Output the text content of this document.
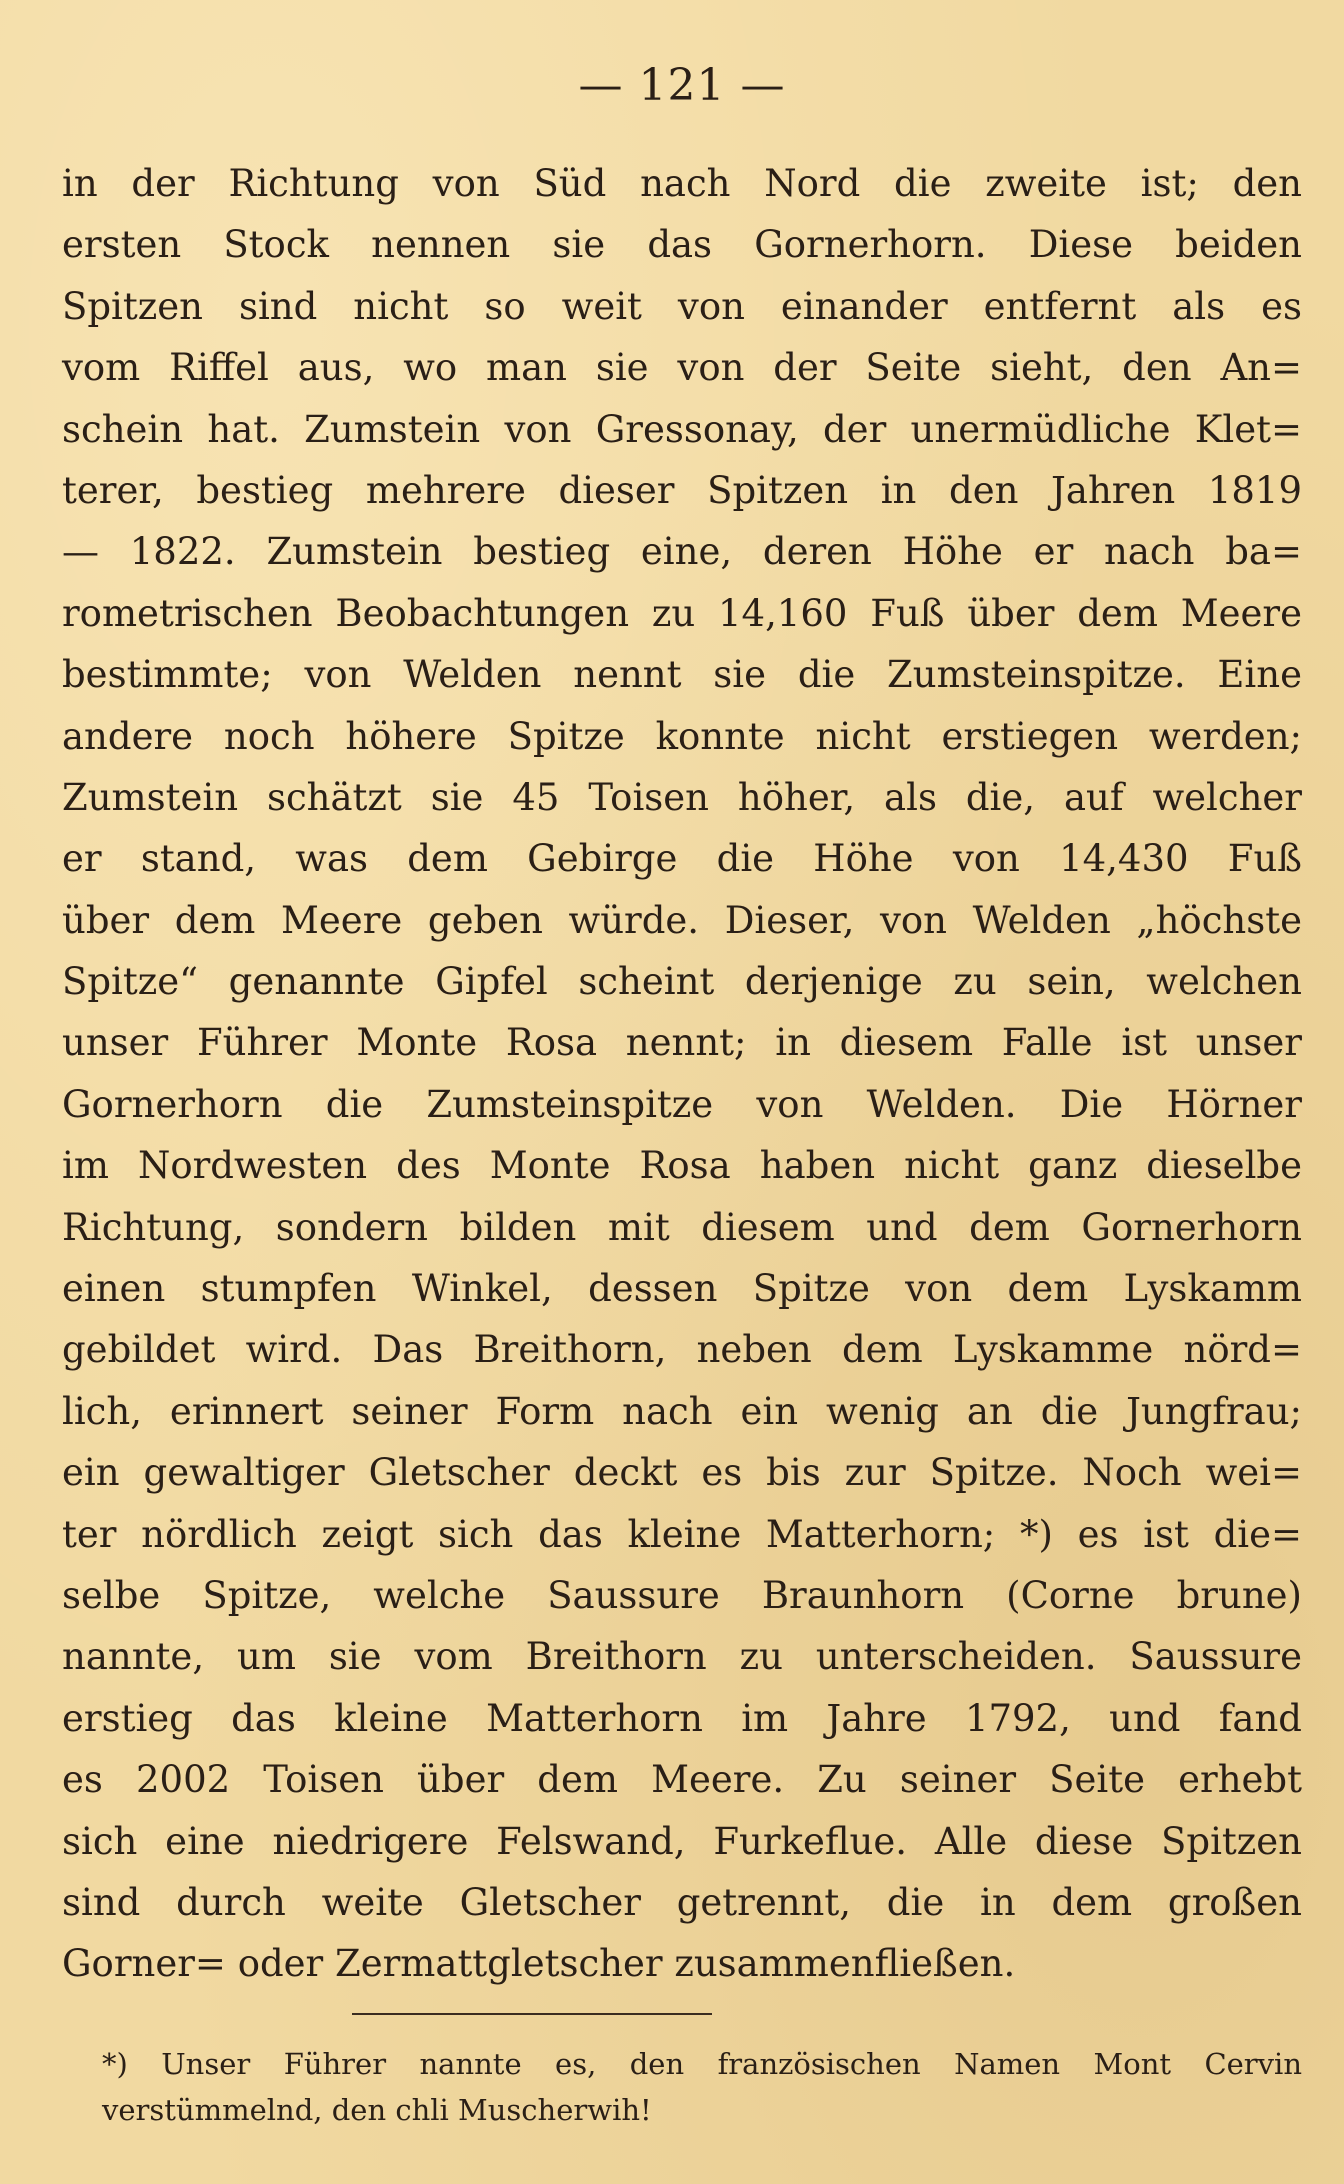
— 121 —
in der Richtung von Süd nach Nord die zweite ist; den
ersten Stock nennen sie das Gornerhorn. Diese beiden
Spitzen sind nicht so weit von einander entfernt als es
vom Riffel aus, wo man sie von der Seite sieht, den An=
schein hat. Zumstein von Gressonay, der unermüdliche Klet=
terer, bestieg mehrere dieser Spitzen in den Jahren 1819
— 1822. Zumstein bestieg eine, deren Höhe er nach ba=
rometrischen Beobachtungen zu 14,160 Fuß über dem Meere
bestimmte; von Welden nennt sie die Zumsteinspitze. Eine
andere noch höhere Spitze konnte nicht erstiegen werden;
Zumstein schätzt sie 45 Toisen höher, als die, auf welcher
er stand, was dem Gebirge die Höhe von 14,430 Fuß
über dem Meere geben würde. Dieser, von Welden „höchste
Spitze“ genannte Gipfel scheint derjenige zu sein, welchen
unser Führer Monte Rosa nennt; in diesem Falle ist unser
Gornerhorn die Zumsteinspitze von Welden. Die Hörner
im Nordwesten des Monte Rosa haben nicht ganz dieselbe
Richtung, sondern bilden mit diesem und dem Gornerhorn
einen stumpfen Winkel, dessen Spitze von dem Lyskamm
gebildet wird. Das Breithorn, neben dem Lyskamme nörd=
lich, erinnert seiner Form nach ein wenig an die Jungfrau;
ein gewaltiger Gletscher deckt es bis zur Spitze. Noch wei=
ter nördlich zeigt sich das kleine Matterhorn; *) es ist die=
selbe Spitze, welche Saussure Braunhorn (Corne brune)
nannte, um sie vom Breithorn zu unterscheiden. Saussure
erstieg das kleine Matterhorn im Jahre 1792, und fand
es 2002 Toisen über dem Meere. Zu seiner Seite erhebt
sich eine niedrigere Felswand, Furkeflue. Alle diese Spitzen
sind durch weite Gletscher getrennt, die in dem großen
Gorner= oder Zermattgletscher zusammenfließen.
*) Unser Führer nannte es, den französischen Namen Mont Cervin
verstümmelnd, den chli Muscherwih!
